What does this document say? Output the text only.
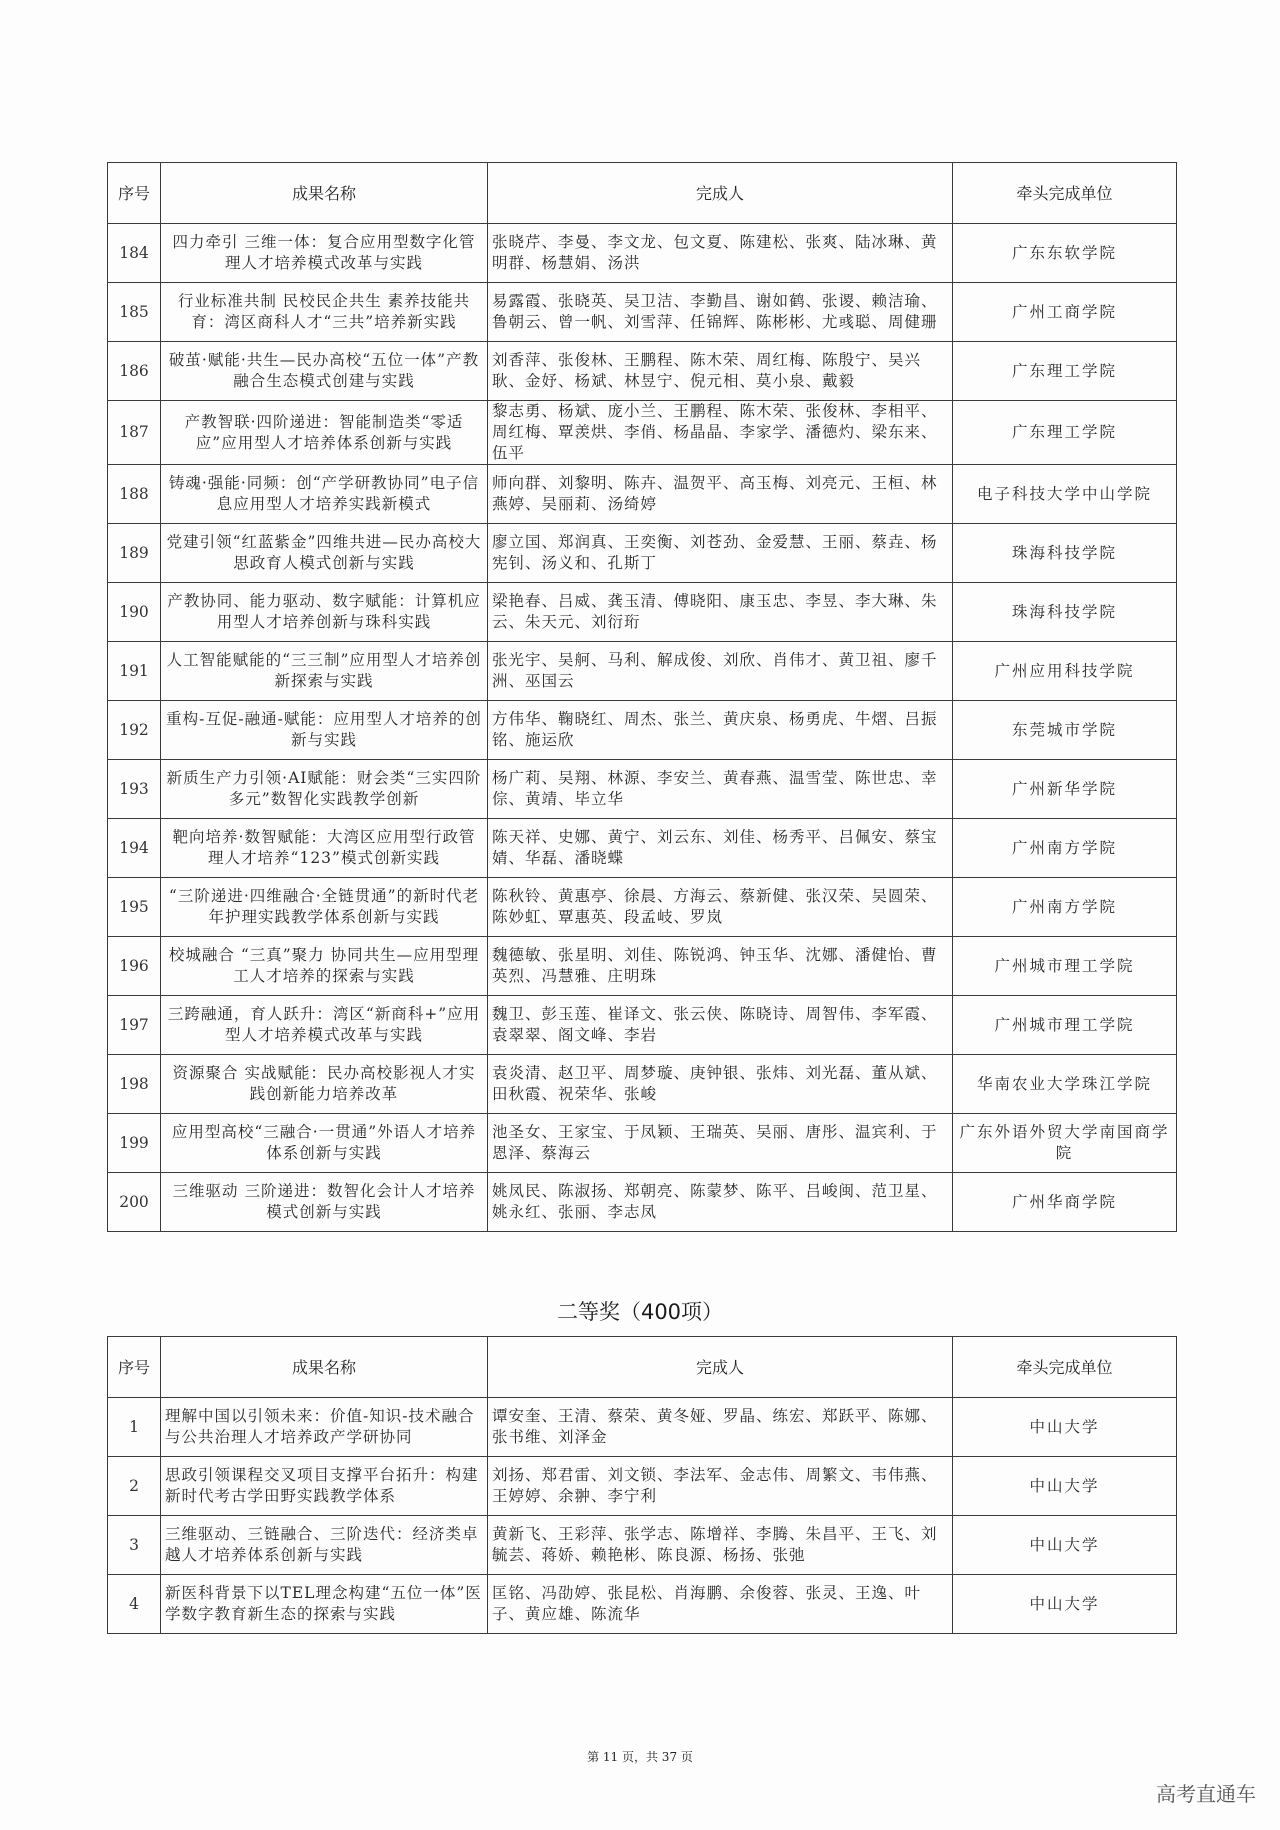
序号	成果名称	完成人	牵头完成单位
184	四力牵引 三维一体：复合应用型数字化管理人才培养模式改革与实践	张晓芹、李曼、李文龙、包文夏、陈建松、张爽、陆冰琳、黄明群、杨慧娟、汤洪	广东东软学院
185	行业标准共制 民校民企共生 素养技能共育：湾区商科人才“三共”培养新实践	易露霞、张晓英、吴卫洁、李勤昌、谢如鹤、张谡、赖洁瑜、鲁朝云、曾一帆、刘雪萍、任锦辉、陈彬彬、尤彧聪、周健珊	广州工商学院
186	破茧·赋能·共生—民办高校“五位一体”产教融合生态模式创建与实践	刘香萍、张俊林、王鹏程、陈木荣、周红梅、陈殷宁、吴兴耿、金妤、杨斌、林昱宁、倪元相、莫小泉、戴毅	广东理工学院
187	产教智联·四阶递进：智能制造类“零适应”应用型人才培养体系创新与实践	黎志勇、杨斌、庞小兰、王鹏程、陈木荣、张俊林、李相平、周红梅、覃羡烘、李俏、杨晶晶、李家学、潘德灼、梁东来、伍平	广东理工学院
188	铸魂·强能·同频：创“产学研教协同”电子信息应用型人才培养实践新模式	师向群、刘黎明、陈卉、温贺平、高玉梅、刘亮元、王桓、林燕婷、吴丽莉、汤绮婷	电子科技大学中山学院
189	党建引领“红蓝紫金”四维共进—民办高校大思政育人模式创新与实践	廖立国、郑润真、王奕衡、刘苍劲、金爱慧、王丽、蔡垚、杨宪钊、汤义和、孔斯丁	珠海科技学院
190	产教协同、能力驱动、数字赋能：计算机应用型人才培养创新与珠科实践	梁艳春、吕威、龚玉清、傅晓阳、康玉忠、李昱、李大琳、朱云、朱天元、刘衍珩	珠海科技学院
191	人工智能赋能的“三三制”应用型人才培养创新探索与实践	张光宇、吴舸、马利、解成俊、刘欣、肖伟才、黄卫祖、廖千洲、巫国云	广州应用科技学院
192	重构-互促-融通-赋能：应用型人才培养的创新与实践	方伟华、鞠晓红、周杰、张兰、黄庆泉、杨勇虎、牛熠、吕振铭、施运欣	东莞城市学院
193	新质生产力引领·AI赋能：财会类“三实四阶多元”数智化实践教学创新	杨广莉、吴翔、林源、李安兰、黄春燕、温雪莹、陈世忠、幸倧、黄靖、毕立华	广州新华学院
194	靶向培养·数智赋能：大湾区应用型行政管理人才培养“123”模式创新实践	陈天祥、史娜、黄宁、刘云东、刘佳、杨秀平、吕佩安、蔡宝婧、华磊、潘晓蝶	广州南方学院
195	“三阶递进·四维融合·全链贯通”的新时代老年护理实践教学体系创新与实践	陈秋铃、黄惠亭、徐晨、方海云、蔡新健、张汉荣、吴圆荣、陈妙虹、覃惠英、段孟岐、罗岚	广州南方学院
196	校城融合 “三真”聚力 协同共生—应用型理工人才培养的探索与实践	魏德敏、张星明、刘佳、陈锐鸿、钟玉华、沈娜、潘健怡、曹英烈、冯慧雅、庄明珠	广州城市理工学院
197	三跨融通，育人跃升：湾区“新商科+”应用型人才培养模式改革与实践	魏卫、彭玉莲、崔译文、张云侠、陈晓诗、周智伟、李军霞、袁翠翠、阁文峰、李岩	广州城市理工学院
198	资源聚合 实战赋能：民办高校影视人才实践创新能力培养改革	袁炎清、赵卫平、周梦璇、庚钟银、张炜、刘光磊、董从斌、田秋霞、祝荣华、张峻	华南农业大学珠江学院
199	应用型高校“三融合·一贯通”外语人才培养体系创新与实践	池圣女、王家宝、于凤颖、王瑞英、吴丽、唐彤、温宾利、于恩泽、蔡海云	广东外语外贸大学南国商学院
200	三维驱动 三阶递进：数智化会计人才培养模式创新与实践	姚凤民、陈淑扬、郑朝亮、陈蒙梦、陈平、吕峻闽、范卫星、姚永红、张丽、李志凤	广州华商学院
二等奖（400项）
序号	成果名称	完成人	牵头完成单位
1	理解中国以引领未来：价值-知识-技术融合与公共治理人才培养政产学研协同	谭安奎、王清、蔡荣、黄冬娅、罗晶、练宏、郑跃平、陈娜、张书维、刘泽金	中山大学
2	思政引领课程交叉项目支撑平台拓升：构建新时代考古学田野实践教学体系	刘扬、郑君雷、刘文锁、李法军、金志伟、周繁文、韦伟燕、王婷婷、余翀、李宁利	中山大学
3	三维驱动、三链融合、三阶迭代：经济类卓越人才培养体系创新与实践	黄新飞、王彩萍、张学志、陈增祥、李腾、朱昌平、王飞、刘毓芸、蒋娇、赖艳彬、陈良源、杨扬、张弛	中山大学
4	新医科背景下以TEL理念构建“五位一体”医学数字教育新生态的探索与实践	匡铭、冯劭婷、张昆松、肖海鹏、余俊蓉、张灵、王逸、叶子、黄应雄、陈流华	中山大学
第 11 页，共 37 页
高考直通车
